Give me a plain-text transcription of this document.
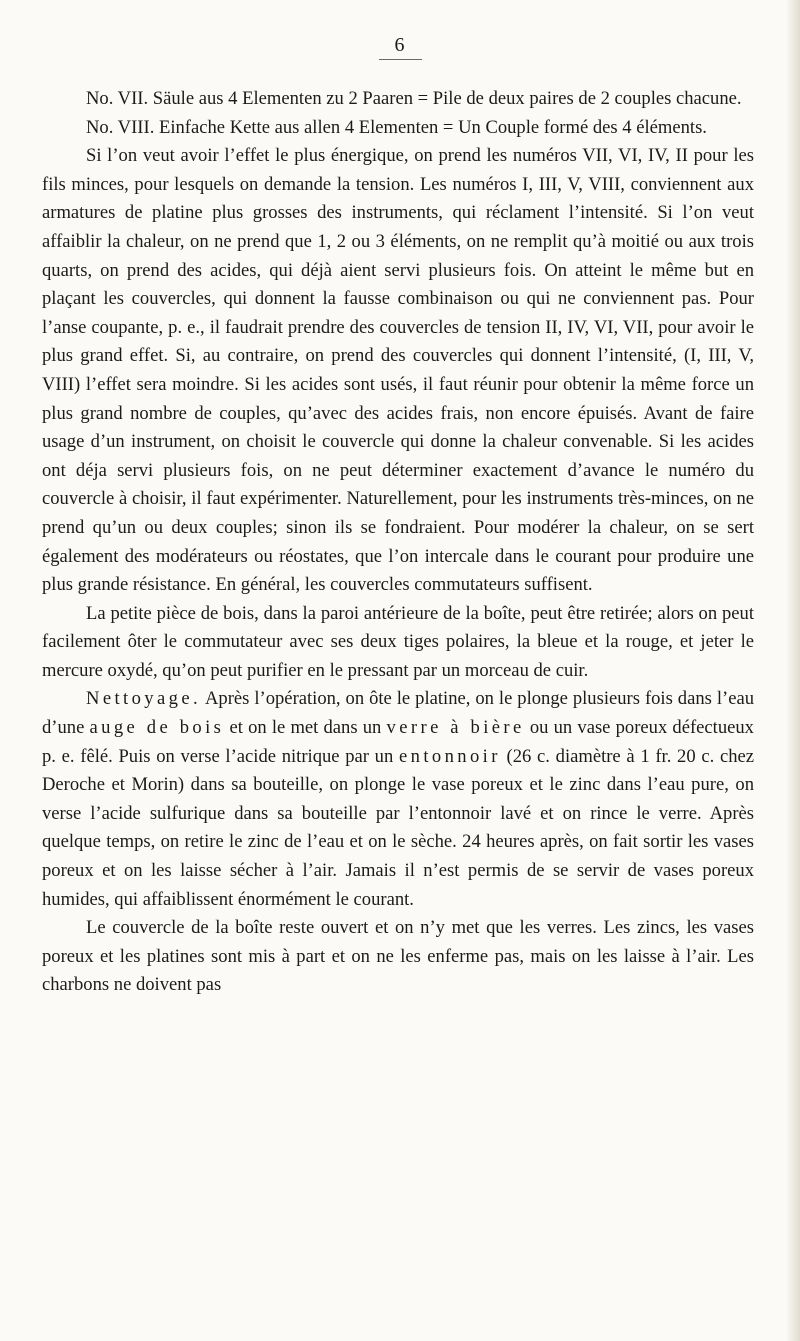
6

No. VII. Säule aus 4 Elementen zu 2 Paaren = Pile de deux paires de 2 couples chacune.

No. VIII. Einfache Kette aus allen 4 Elementen = Un Couple formé des 4 éléments.

Si l’on veut avoir l’effet le plus énergique, on prend les numéros VII, VI, IV, II pour les fils minces, pour lesquels on demande la tension. Les numéros I, III, V, VIII, conviennent aux armatures de platine plus grosses des instruments, qui réclament l’intensité. Si l’on veut affaiblir la chaleur, on ne prend que 1, 2 ou 3 éléments, on ne remplit qu’à moitié ou aux trois quarts, on prend des acides, qui déjà aient servi plusieurs fois. On atteint le même but en plaçant les couvercles, qui donnent la fausse combinaison ou qui ne conviennent pas. Pour l’anse coupante, p. e., il faudrait prendre des couvercles de tension II, IV, VI, VII, pour avoir le plus grand effet. Si, au contraire, on prend des couvercles qui donnent l’intensité, (I, III, V, VIII) l’effet sera moindre. Si les acides sont usés, il faut réunir pour obtenir la même force un plus grand nombre de couples, qu’avec des acides frais, non encore épuisés. Avant de faire usage d’un instrument, on choisit le couvercle qui donne la chaleur convenable. Si les acides ont déja servi plusieurs fois, on ne peut déterminer exactement d’avance le numéro du couvercle à choisir, il faut expérimenter. Naturellement, pour les instruments très-minces, on ne prend qu’un ou deux couples; sinon ils se fondraient. Pour modérer la chaleur, on se sert également des modérateurs ou réostates, que l’on intercale dans le courant pour produire une plus grande résistance. En général, les couvercles commutateurs suffisent.

La petite pièce de bois, dans la paroi antérieure de la boîte, peut être retirée; alors on peut facilement ôter le commutateur avec ses deux tiges polaires, la bleue et la rouge, et jeter le mercure oxydé, qu’on peut purifier en le pressant par un morceau de cuir.

Nettoyage. Après l’opération, on ôte le platine, on le plonge plusieurs fois dans l’eau d’une auge de bois et on le met dans un verre à bière ou un vase poreux défectueux p. e. fêlé. Puis on verse l’acide nitrique par un entonnoir (26 c. diamètre à 1 fr. 20 c. chez Deroche et Morin) dans sa bouteille, on plonge le vase poreux et le zinc dans l’eau pure, on verse l’acide sulfurique dans sa bouteille par l’entonnoir lavé et on rince le verre. Après quelque temps, on retire le zinc de l’eau et on le sèche. 24 heures après, on fait sortir les vases poreux et on les laisse sécher à l’air. Jamais il n’est permis de se servir de vases poreux humides, qui affaiblissent énormément le courant.

Le couvercle de la boîte reste ouvert et on n’y met que les verres. Les zincs, les vases poreux et les platines sont mis à part et on ne les enferme pas, mais on les laisse à l’air. Les charbons ne doivent pas
